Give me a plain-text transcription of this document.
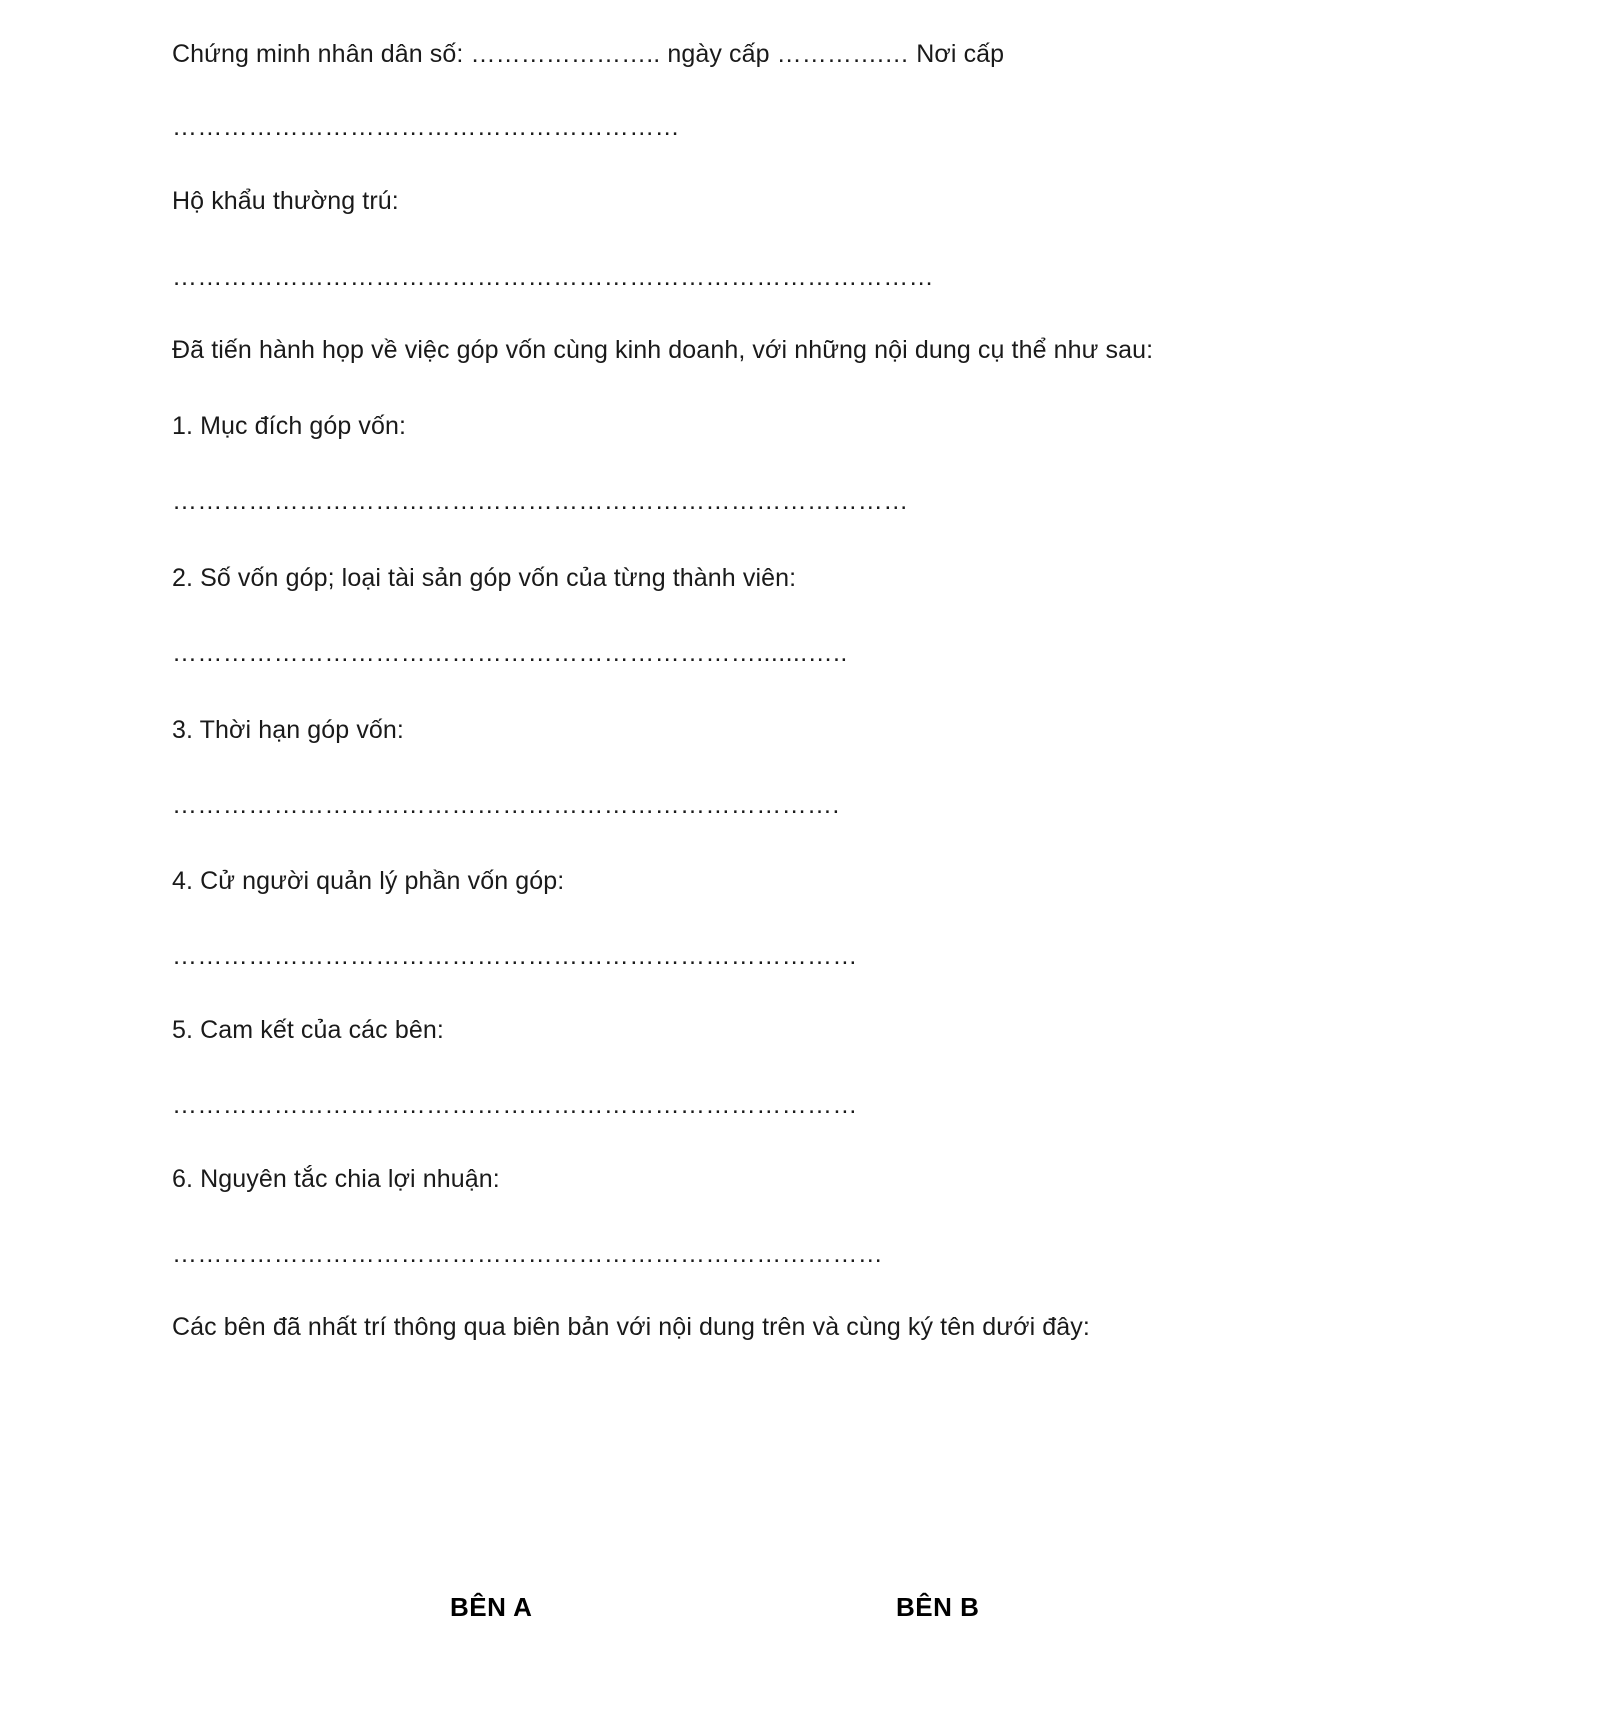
Chứng minh nhân dân số: ………………….. ngày cấp ………….… Nơi cấp
……………………………………………………
Hộ khẩu thường trú:
………………………………………………………………………………
Đã tiến hành họp về việc góp vốn cùng kinh doanh, với những nội dung cụ thể như sau:
1. Mục đích góp vốn:
……………………………………………………………………………
2. Số vốn góp; loại tài sản góp vốn của từng thành viên:
…………………………………………………………….......…..
3. Thời hạn góp vốn:
…………………………………………………………………….
4. Cử người quản lý phần vốn góp:
………………………………………………………………………
5. Cam kết của các bên:
………………………………………………………………………
6. Nguyên tắc chia lợi nhuận:
…………………………………………………………………………
Các bên đã nhất trí thông qua biên bản với nội dung trên và cùng ký tên dưới đây:
BÊN A	BÊN B
